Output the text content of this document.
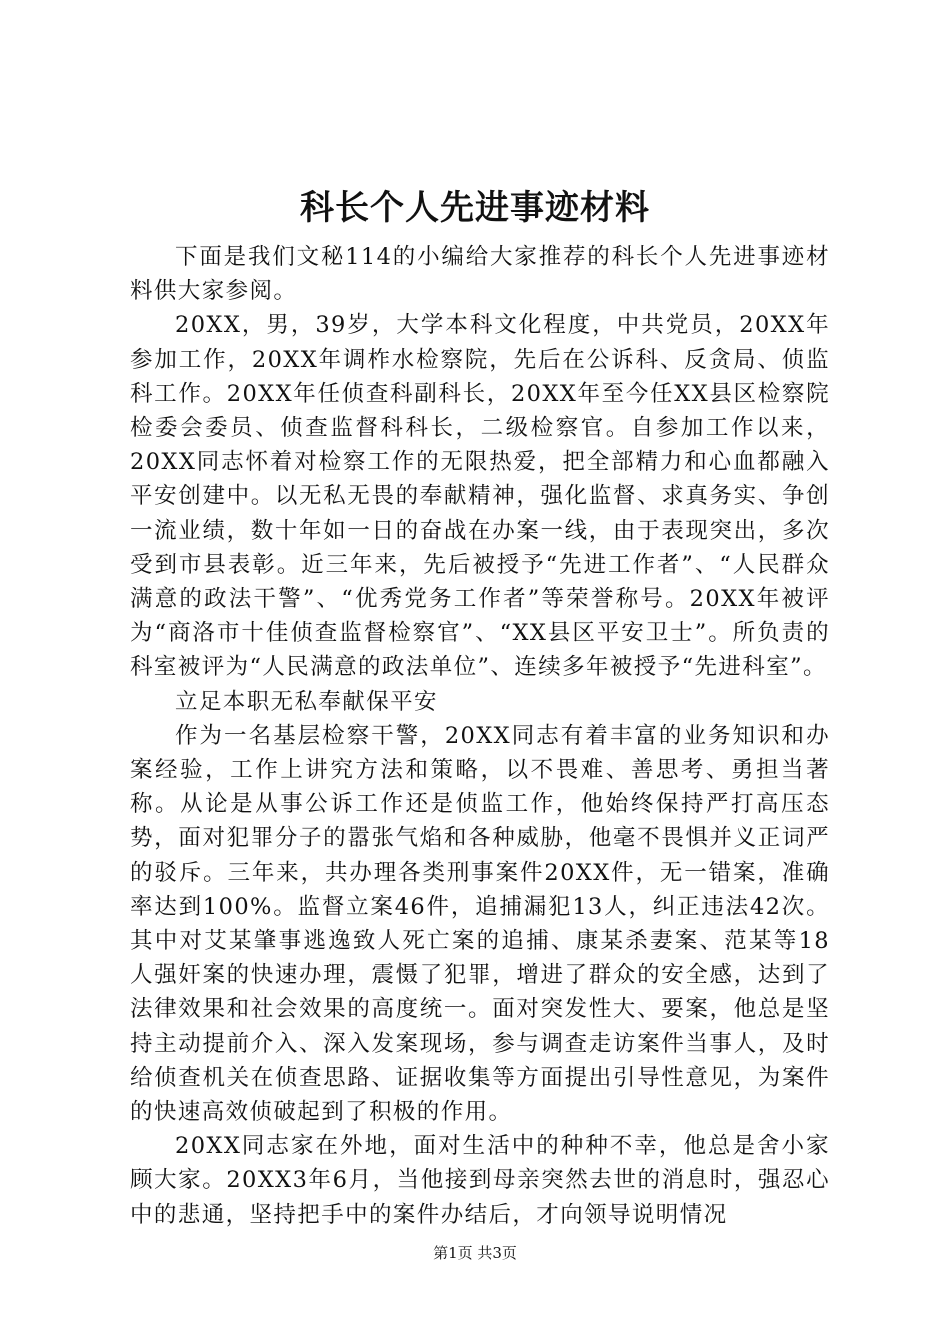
科长个人先进事迹材料

下面是我们文秘114的小编给大家推荐的科长个人先进事迹材料供大家参阅。

20XX，男，39岁，大学本科文化程度，中共党员，20XX年参加工作，20XX年调柞水检察院，先后在公诉科、反贪局、侦监科工作。20XX年任侦查科副科长，20XX年至今任XX县区检察院检委会委员、侦查监督科科长，二级检察官。自参加工作以来，20XX同志怀着对检察工作的无限热爱，把全部精力和心血都融入平安创建中。以无私无畏的奉献精神，强化监督、求真务实、争创一流业绩，数十年如一日的奋战在办案一线，由于表现突出，多次受到市县表彰。近三年来，先后被授予“先进工作者”、“人民群众满意的政法干警”、“优秀党务工作者”等荣誉称号。20XX年被评为“商洛市十佳侦查监督检察官”、“XX县区平安卫士”。所负责的科室被评为“人民满意的政法单位”、连续多年被授予“先进科室”。

立足本职无私奉献保平安

作为一名基层检察干警，20XX同志有着丰富的业务知识和办案经验，工作上讲究方法和策略，以不畏难、善思考、勇担当著称。从论是从事公诉工作还是侦监工作，他始终保持严打高压态势，面对犯罪分子的嚣张气焰和各种威胁，他毫不畏惧并义正词严的驳斥。三年来，共办理各类刑事案件20XX件，无一错案，准确率达到100%。监督立案46件，追捕漏犯13人，纠正违法42次。其中对艾某肇事逃逸致人死亡案的追捕、康某杀妻案、范某等18人强奸案的快速办理，震慑了犯罪，增进了群众的安全感，达到了法律效果和社会效果的高度统一。面对突发性大、要案，他总是坚持主动提前介入、深入发案现场，参与调查走访案件当事人，及时给侦查机关在侦查思路、证据收集等方面提出引导性意见，为案件的快速高效侦破起到了积极的作用。

20XX同志家在外地，面对生活中的种种不幸，他总是舍小家顾大家。20XX3年6月，当他接到母亲突然去世的消息时，强忍心中的悲通，坚持把手中的案件办结后，才向领导说明情况

第1页 共3页
